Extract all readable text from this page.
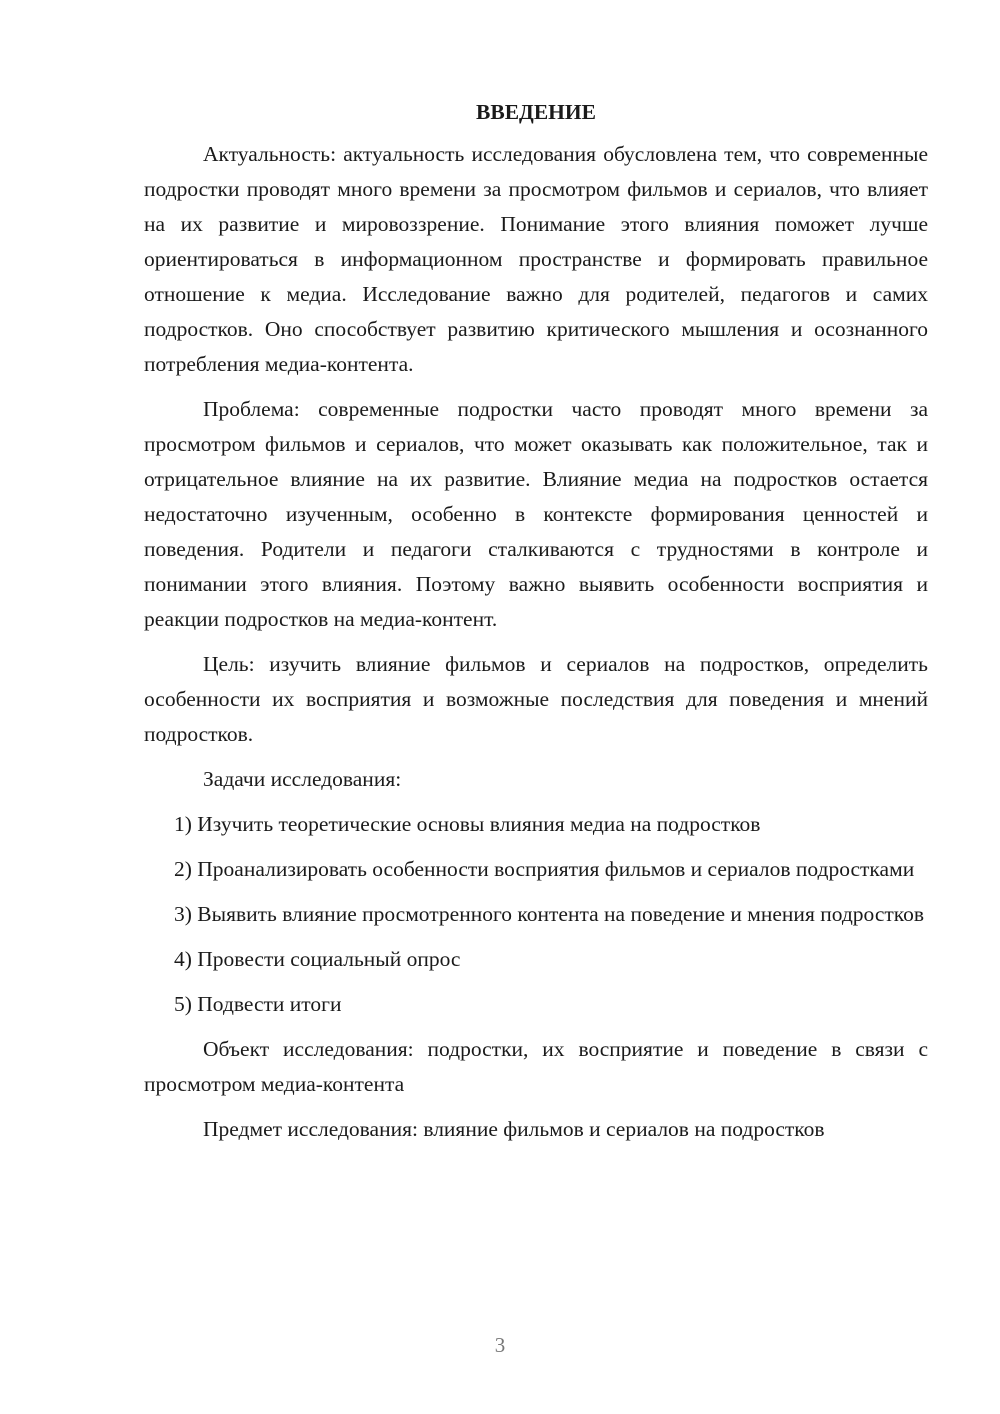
ВВЕДЕНИЕ

Актуальность: актуальность исследования обусловлена тем, что современные подростки проводят много времени за просмотром фильмов и сериалов, что влияет на их развитие и мировоззрение. Понимание этого влияния поможет лучше ориентироваться в информационном пространстве и формировать правильное отношение к медиа. Исследование важно для родителей, педагогов и самих подростков. Оно способствует развитию критического мышления и осознанного потребления медиа-контента.

Проблема: современные подростки часто проводят много времени за просмотром фильмов и сериалов, что может оказывать как положительное, так и отрицательное влияние на их развитие. Влияние медиа на подростков остается недостаточно изученным, особенно в контексте формирования ценностей и поведения. Родители и педагоги сталкиваются с трудностями в контроле и понимании этого влияния. Поэтому важно выявить особенности восприятия и реакции подростков на медиа-контент.

Цель: изучить влияние фильмов и сериалов на подростков, определить особенности их восприятия и возможные последствия для поведения и мнений подростков.

Задачи исследования:

1) Изучить теоретические основы влияния медиа на подростков

2) Проанализировать особенности восприятия фильмов и сериалов подростками

3) Выявить влияние просмотренного контента на поведение и мнения подростков

4) Провести социальный опрос

5) Подвести итоги

Объект исследования: подростки, их восприятие и поведение в связи с просмотром медиа-контента

Предмет исследования: влияние фильмов и сериалов на подростков

3
